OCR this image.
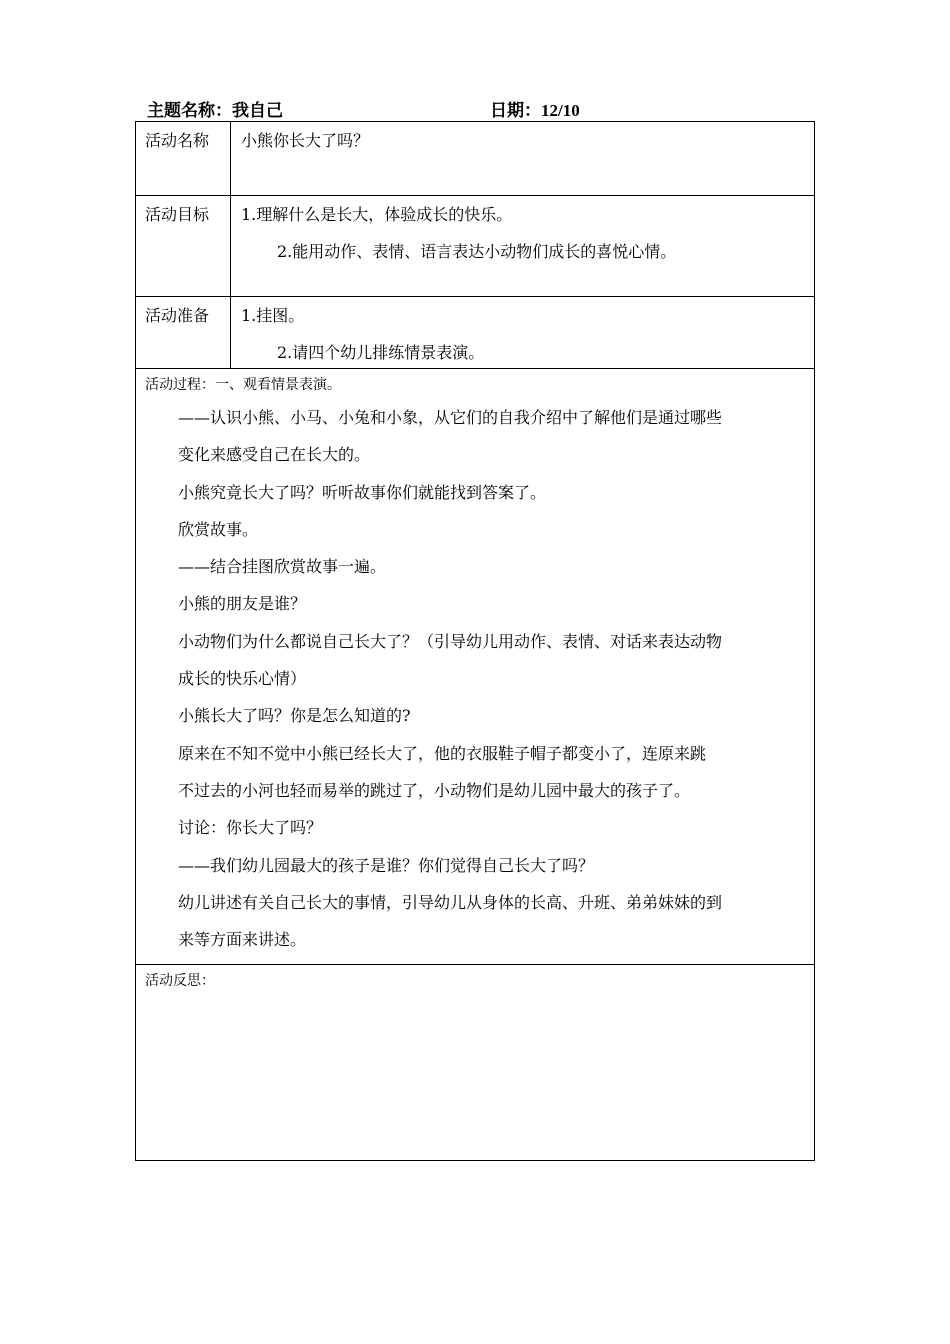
主题名称：我自己	日期：12/10
活动名称 小熊你长大了吗？
活动目标 1.理解什么是长大，体验成长的快乐。
2.能用动作、表情、语言表达小动物们成长的喜悦心情。
活动准备 1.挂图。
2.请四个幼儿排练情景表演。
活动过程：一、观看情景表演。

——认识小熊、小马、小兔和小象，从它们的自我介绍中了解他们是通过哪些

变化来感受自己在长大的。

小熊究竟长大了吗？听听故事你们就能找到答案了。

欣赏故事。

——结合挂图欣赏故事一遍。

小熊的朋友是谁？

小动物们为什么都说自己长大了？（引导幼儿用动作、表情、对话来表达动物

成长的快乐心情）

小熊长大了吗？你是怎么知道的?

原来在不知不觉中小熊已经长大了，他的衣服鞋子帽子都变小了，连原来跳

不过去的小河也轻而易举的跳过了，小动物们是幼儿园中最大的孩子了。

讨论：你长大了吗？

——我们幼儿园最大的孩子是谁？你们觉得自己长大了吗？

幼儿讲述有关自己长大的事情，引导幼儿从身体的长高、升班、弟弟妹妹的到

来等方面来讲述。

活动反思：
